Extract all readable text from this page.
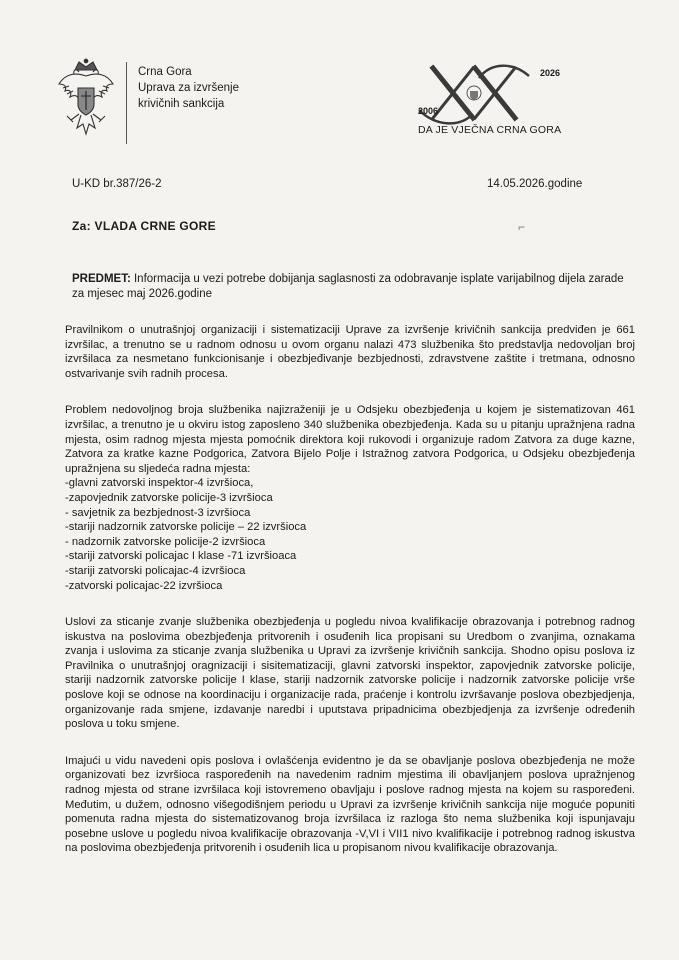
Crna Gora
Uprava za izvršenje
krivičnih sankcija
2006
2026
DA JE VJEČNA CRNA GORA
U-KD br.387/26-2	14.05.2026.godine
Za: VLADA CRNE GORE	⌐
PREDMET: Informacija u vezi potrebe dobijanja saglasnosti za odobravanje isplate varijabilnog dijela zarade za mjesec maj 2026.godine

Pravilnikom o unutrašnjoj organizaciji i sistematizaciji Uprave za izvršenje krivičnih sankcija predviđen je 661 izvršilac, a trenutno se u radnom odnosu u ovom organu nalazi 473 službenika što predstavlja nedovoljan broj izvršilaca za nesmetano funkcionisanje i obezbjeđivanje bezbjednosti, zdravstvene zaštite i tretmana, odnosno ostvarivanje svih radnih procesa.

Problem nedovoljnog broja službenika najizraženiji je u Odsjeku obezbjeđenja u kojem je sistematizovan 461 izvršilac, a trenutno je u okviru istog zaposleno 340 službenika obezbjeđenja. Kada su u pitanju upražnjena radna mjesta, osim radnog mjesta mjesta pomoćnik direktora koji rukovodi i organizuje radom Zatvora za duge kazne, Zatvora za kratke kazne Podgorica, Zatvora Bijelo Polje i Istražnog zatvora Podgorica, u Odsjeku obezbjeđenja upražnjena su sljedeća radna mjesta:

-glavni zatvorski inspektor-4 izvršioca,
-zapovjednik zatvorske policije-3 izvršioca
- savjetnik za bezbjednost-3 izvršioca
-stariji nadzornik zatvorske policije – 22 izvršioca
- nadzornik zatvorske policije-2 izvršioca
-stariji zatvorski policajac I klase -71 izvršioaca
-stariji zatvorski policajac-4 izvršioca
-zatvorski policajac-22 izvršioca

Uslovi za sticanje zvanje službenika obezbjeđenja u pogledu nivoa kvalifikacije obrazovanja i potrebnog radnog iskustva na poslovima obezbjeđenja pritvorenih i osuđenih lica propisani su Uredbom o zvanjima, oznakama zvanja i uslovima za sticanje zvanja službenika u Upravi za izvršenje krivičnih sankcija. Shodno opisu poslova iz Pravilnika o unutrašnjoj oragnizaciji i sisitematizaciji, glavni zatvorski inspektor, zapovjednik zatvorske policije, stariji nadzornik zatvorske policije I klase, stariji nadzornik zatvorske policije i nadzornik zatvorske policije vrše poslove koji se odnose na koordinaciju i organizacije rada, praćenje i kontrolu izvršavanje poslova obezbjedjenja, organizovanje rada smjene, izdavanje naredbi i uputstava pripadnicima obezbjedjenja za izvršenje određenih poslova u toku smjene.

Imajući u vidu navedeni opis poslova i ovlašćenja evidentno je da se obavljanje poslova obezbjeđenja ne može organizovati bez izvršioca raspoređenih na navedenim radnim mjestima ili obavljanjem poslova upražnjenog radnog mjesta od strane izvršilaca koji istovremeno obavljaju i poslove radnog mjesta na kojem su raspoređeni. Međutim, u dužem, odnosno višegodišnjem periodu u Upravi za izvršenje krivičnih sankcija nije moguće popuniti pomenuta radna mjesta do sistematizovanog broja izvršilaca iz razloga što nema službenika koji ispunjavaju posebne uslove u pogledu nivoa kvalifikacije obrazovanja -V,VI i VII1 nivo kvalifikacije i potrebnog radnog iskustva na poslovima obezbjeđenja pritvorenih i osuđenih lica u propisanom nivou kvalifikacije obrazovanja.
